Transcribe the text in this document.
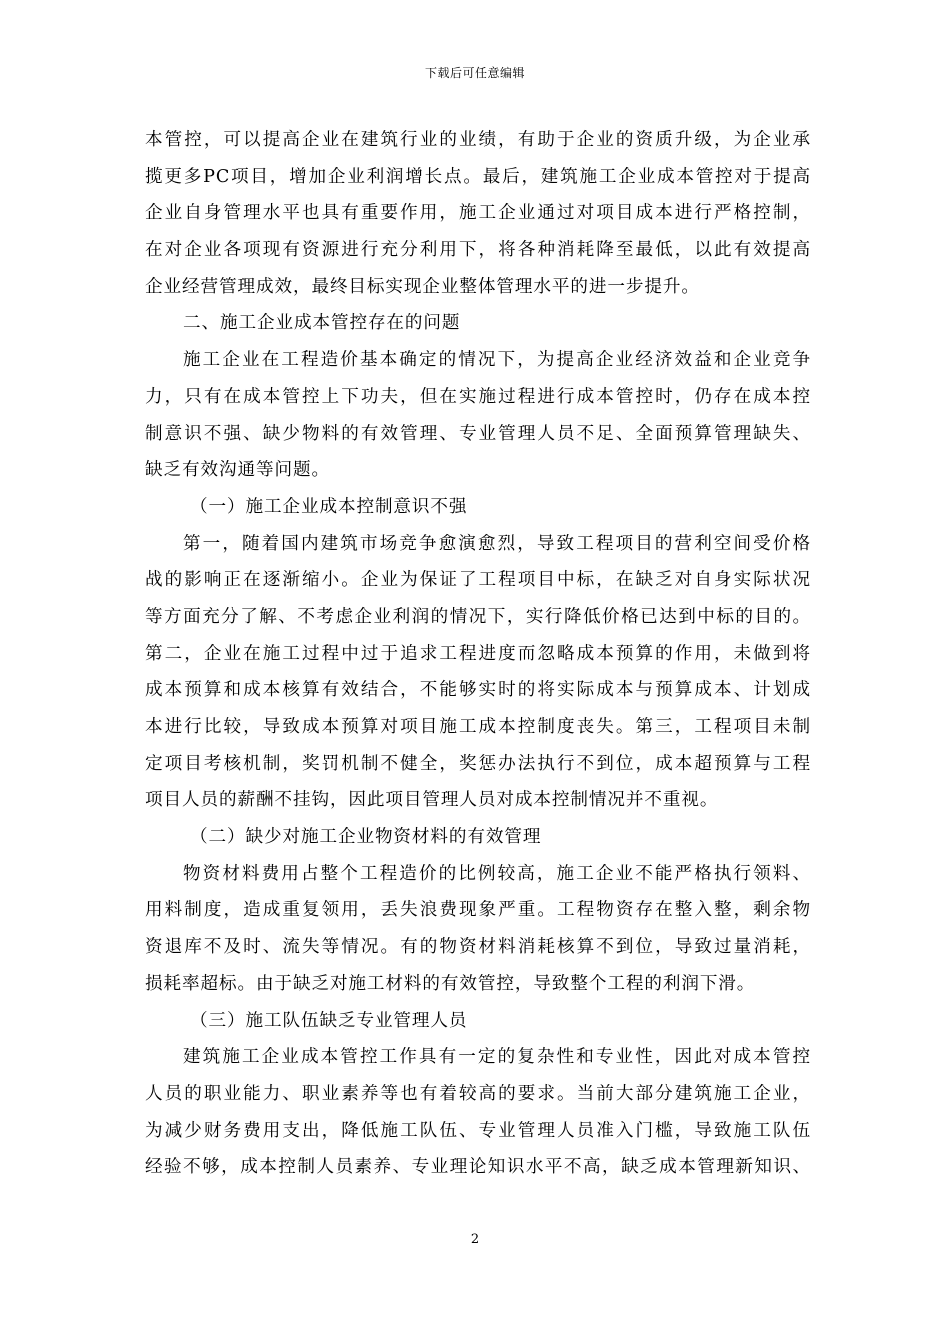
下载后可任意编辑
本管控，可以提高企业在建筑行业的业绩，有助于企业的资质升级，为企业承
揽更多PC项目，增加企业利润增长点。最后，建筑施工企业成本管控对于提高
企业自身管理水平也具有重要作用，施工企业通过对项目成本进行严格控制，
在对企业各项现有资源进行充分利用下，将各种消耗降至最低，以此有效提高
企业经营管理成效，最终目标实现企业整体管理水平的进一步提升。
二、施工企业成本管控存在的问题
施工企业在工程造价基本确定的情况下，为提高企业经济效益和企业竞争
力，只有在成本管控上下功夫，但在实施过程进行成本管控时，仍存在成本控
制意识不强、缺少物料的有效管理、专业管理人员不足、全面预算管理缺失、
缺乏有效沟通等问题。
（一）施工企业成本控制意识不强
第一，随着国内建筑市场竞争愈演愈烈，导致工程项目的营利空间受价格
战的影响正在逐渐缩小。企业为保证了工程项目中标，在缺乏对自身实际状况
等方面充分了解、不考虑企业利润的情况下，实行降低价格已达到中标的目的。
第二，企业在施工过程中过于追求工程进度而忽略成本预算的作用，未做到将
成本预算和成本核算有效结合，不能够实时的将实际成本与预算成本、计划成
本进行比较，导致成本预算对项目施工成本控制度丧失。第三，工程项目未制
定项目考核机制，奖罚机制不健全，奖惩办法执行不到位，成本超预算与工程
项目人员的薪酬不挂钩，因此项目管理人员对成本控制情况并不重视。
（二）缺少对施工企业物资材料的有效管理
物资材料费用占整个工程造价的比例较高，施工企业不能严格执行领料、
用料制度，造成重复领用，丢失浪费现象严重。工程物资存在整入整，剩余物
资退库不及时、流失等情况。有的物资材料消耗核算不到位，导致过量消耗，
损耗率超标。由于缺乏对施工材料的有效管控，导致整个工程的利润下滑。
（三）施工队伍缺乏专业管理人员
建筑施工企业成本管控工作具有一定的复杂性和专业性，因此对成本管控
人员的职业能力、职业素养等也有着较高的要求。当前大部分建筑施工企业，
为减少财务费用支出，降低施工队伍、专业管理人员准入门槛，导致施工队伍
经验不够，成本控制人员素养、专业理论知识水平不高，缺乏成本管理新知识、
2
